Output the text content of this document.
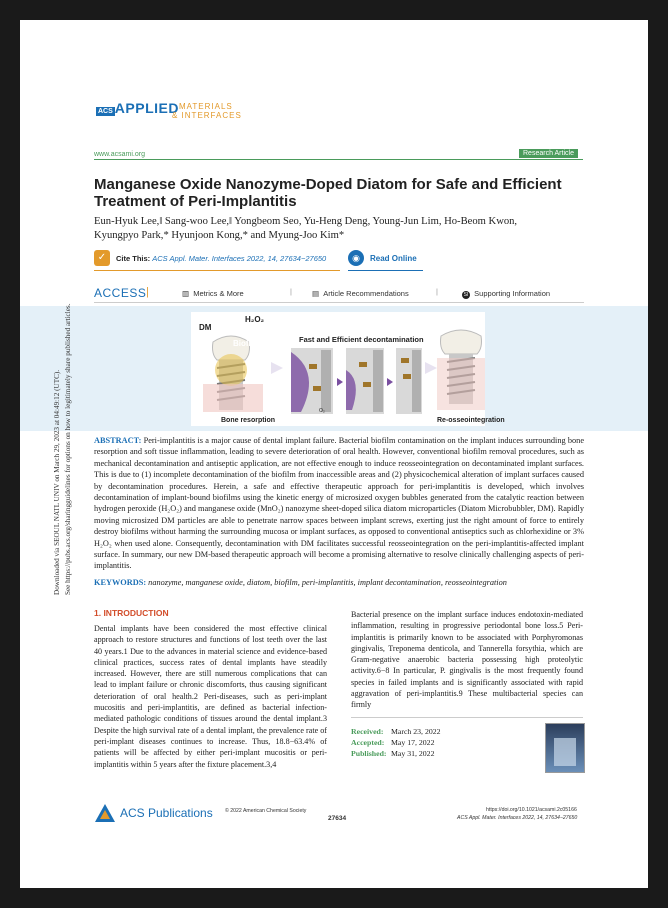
ACS APPLIED MATERIALS
& INTERFACES
www.acsami.org	Research Article
Manganese Oxide Nanozyme-Doped Diatom for Safe and Efficient Treatment of Peri-Implantitis
Eun-Hyuk Lee,‖ Sang-woo Lee,‖ Yongbeom Seo, Yu-Heng Deng, Young-Jun Lim, Ho-Beom Kwon,
Kyungpyo Park,* Hyunjoon Kong,* and Myung-Joo Kim*
✓	Cite This:
ACS Appl. Mater. Interfaces 2022, 14, 27634−27650	◉	Read Online
ACCESS |	▥ Metrics & More	|	▤ Article Recommendations	|	SI Supporting Information
DM
H₂O₂
Biofilm
Bone resorption
Fast and Efficient decontamination
O₂
Re-osseointegration
ABSTRACT: Peri-implantitis is a major cause of dental implant failure. Bacterial biofilm contamination on the implant induces surrounding bone resorption and soft tissue inflammation, leading to severe deterioration of oral health. However, conventional biofilm removal procedures, such as mechanical decontamination and antiseptic application, are not effective enough to induce reosseointegration on decontaminated implant surfaces. This is due to (1) incomplete decontamination of the biofilm from inaccessible areas and (2) physicochemical alteration of implant surfaces caused by decontamination procedures. Herein, a safe and effective therapeutic approach for peri-implantitis is developed, which involves decontamination of implant-bound biofilms using the kinetic energy of microsized oxygen bubbles generated from the catalytic reaction between hydrogen peroxide (H₂O₂) and manganese oxide (MnO₂) nanozyme sheet-doped silica diatom microparticles (Diatom Microbubbler, DM). Rapidly moving microsized DM particles are able to penetrate narrow spaces between implant screws, exerting just the right amount of force to entirely destroy biofilms without harming the surrounding mucosa or implant surfaces, as opposed to conventional antiseptics such as chlorhexidine or 3% H₂O₂ when used alone. Consequently, decontamination with DM facilitates successful reosseointegration on the peri-implantitis-affected implant surface. In summary, our new DM-based therapeutic approach will become a promising alternative to resolve clinically challenging aspects of peri-implantitis.
KEYWORDS: nanozyme, manganese oxide, diatom, biofilm, peri-implantitis, implant decontamination, reosseointegration
1. INTRODUCTION
Dental implants have been considered the most effective clinical approach to restore structures and functions of lost teeth over the last 40 years.1 Due to the advances in material science and evidence-based clinical practices, success rates of dental implants have steadily increased. However, there are still numerous complications that can lead to implant failure or chronic discomforts, thus causing significant deterioration of oral health.2 Peri-diseases, such as peri-implant mucositis and peri-implantitis, are defined as bacterial infection-mediated pathologic conditions of tissues around the dental implant.3 Despite the high survival rate of a dental implant, the prevalence rate of peri-implant diseases continues to increase. Thus, 18.8−63.4% of patients will be affected by either peri-implant mucositis or peri-implantitis within 5 years after the fixture placement.3,4
Bacterial presence on the implant surface induces endotoxin-mediated inflammation, resulting in progressive periodontal bone loss.5 Peri-implantitis is primarily known to be associated with Porphyromonas gingivalis, Treponema denticola, and Tannerella forsythia, which are Gram-negative anaerobic bacteria possessing high proteolytic activity.6−8 In particular, P. gingivalis is the most frequently found species in failed implants and is significantly associated with rapid aggravation of peri-implantitis.9 These multibacterial species can firmly
Received: March 23, 2022
Accepted: May 17, 2022
Published: May 31, 2022
ACS Publications © 2022 American Chemical Society
27634
https://doi.org/10.1021/acsami.2c05166
ACS Appl. Mater. Interfaces 2022, 14, 27634−27650
Downloaded via SEOUL NATL UNIV on March 29, 2023 at 04:49:12 (UTC). See https://pubs.acs.org/sharingguidelines for options on how to legitimately share published articles.
